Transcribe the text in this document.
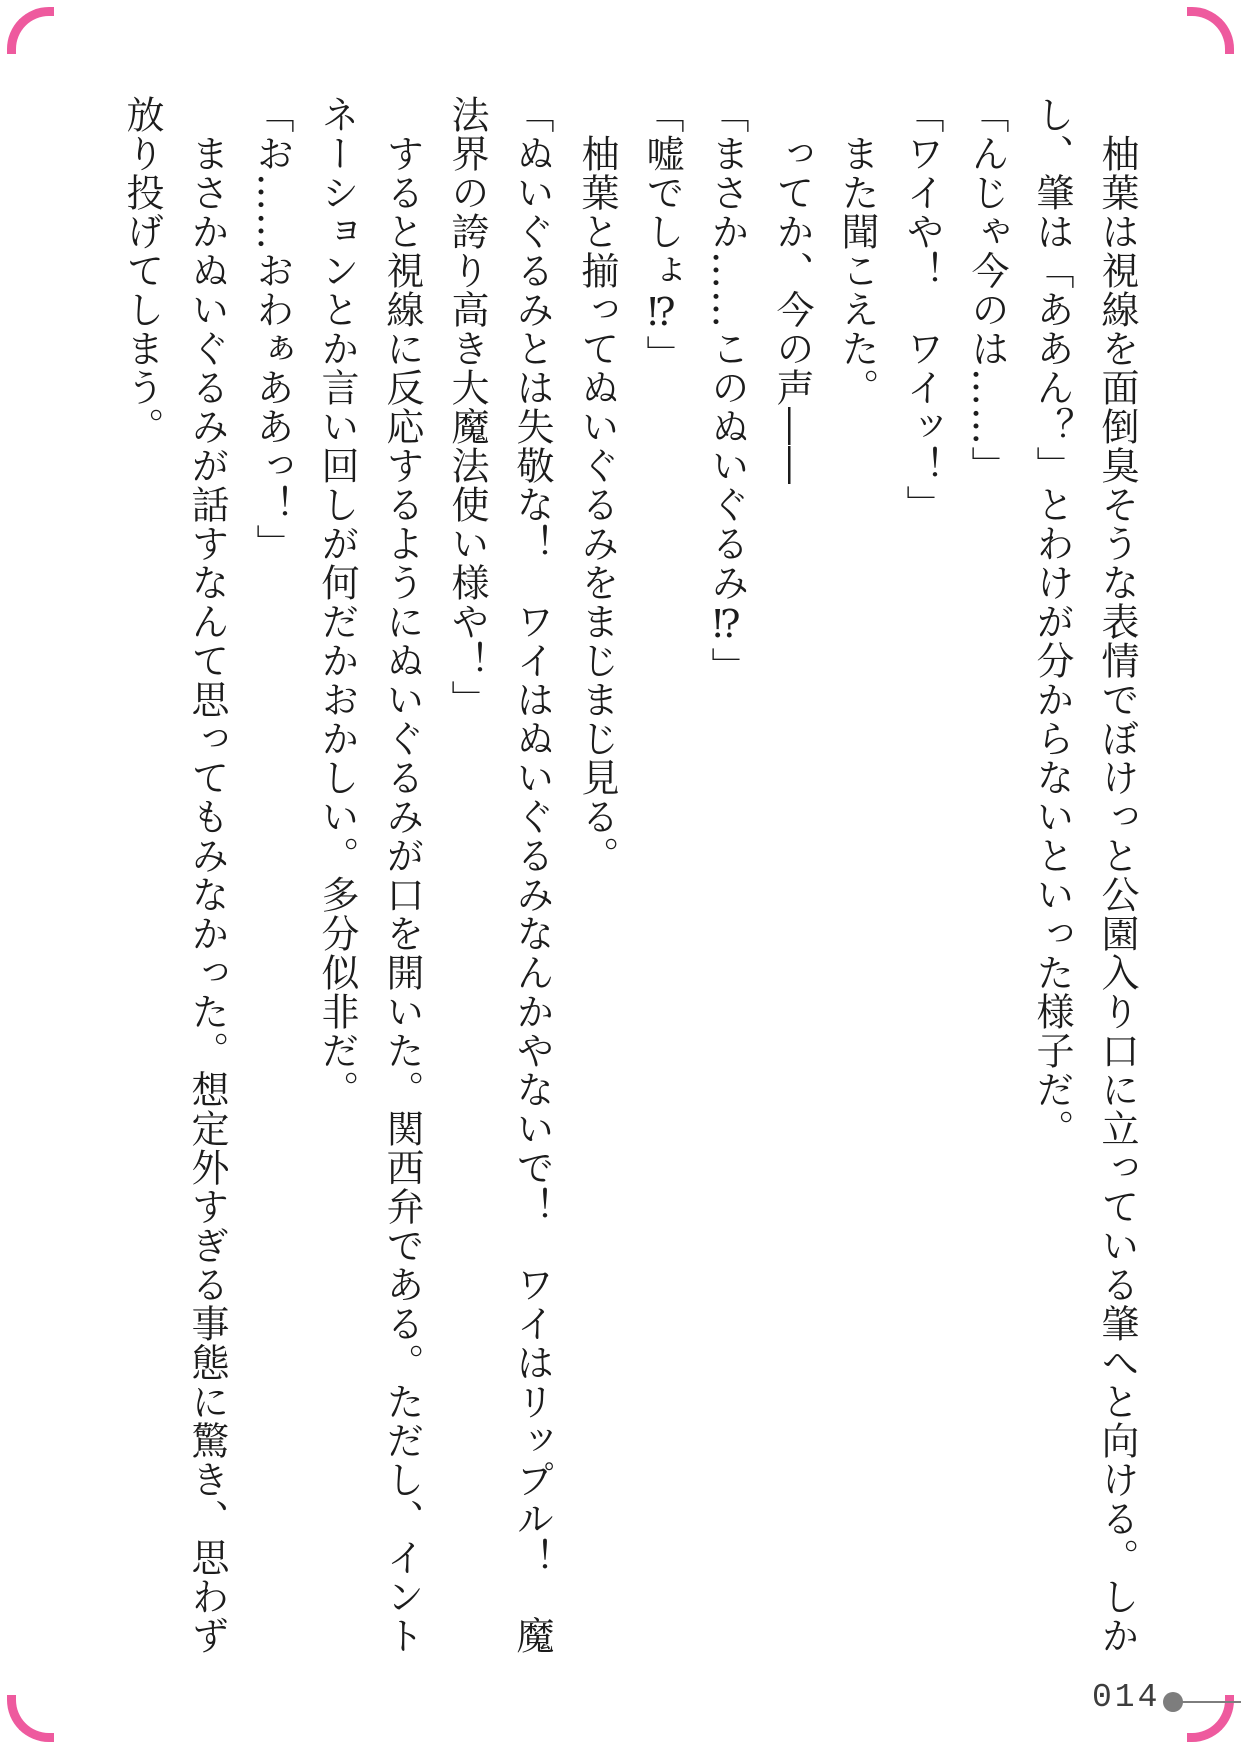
　柚葉は視線を面倒臭そうな表情でぼけっと公園入り口に立っている肇へと向ける。しか

し、肇は「ああん？」とわけが分からないといった様子だ。

「んじゃ今のは……」

「ワイや！　ワイッ！」

　また聞こえた。

　ってか、今の声――

「まさか……このぬいぐるみ⁉」

「嘘でしょ⁉」

　柚葉と揃ってぬいぐるみをまじまじ見る。

「ぬいぐるみとは失敬な！　ワイはぬいぐるみなんかやないで！　ワイはリップル！　魔

法界の誇り高き大魔法使い様や！」

　すると視線に反応するようにぬいぐるみが口を開いた。関西弁である。ただし、イント

ネーションとか言い回しが何だかおかしい。多分似非だ。

「お……おわぁああっ！」

　まさかぬいぐるみが話すなんて思ってもみなかった。想定外すぎる事態に驚き、思わず

放り投げてしまう。

014
